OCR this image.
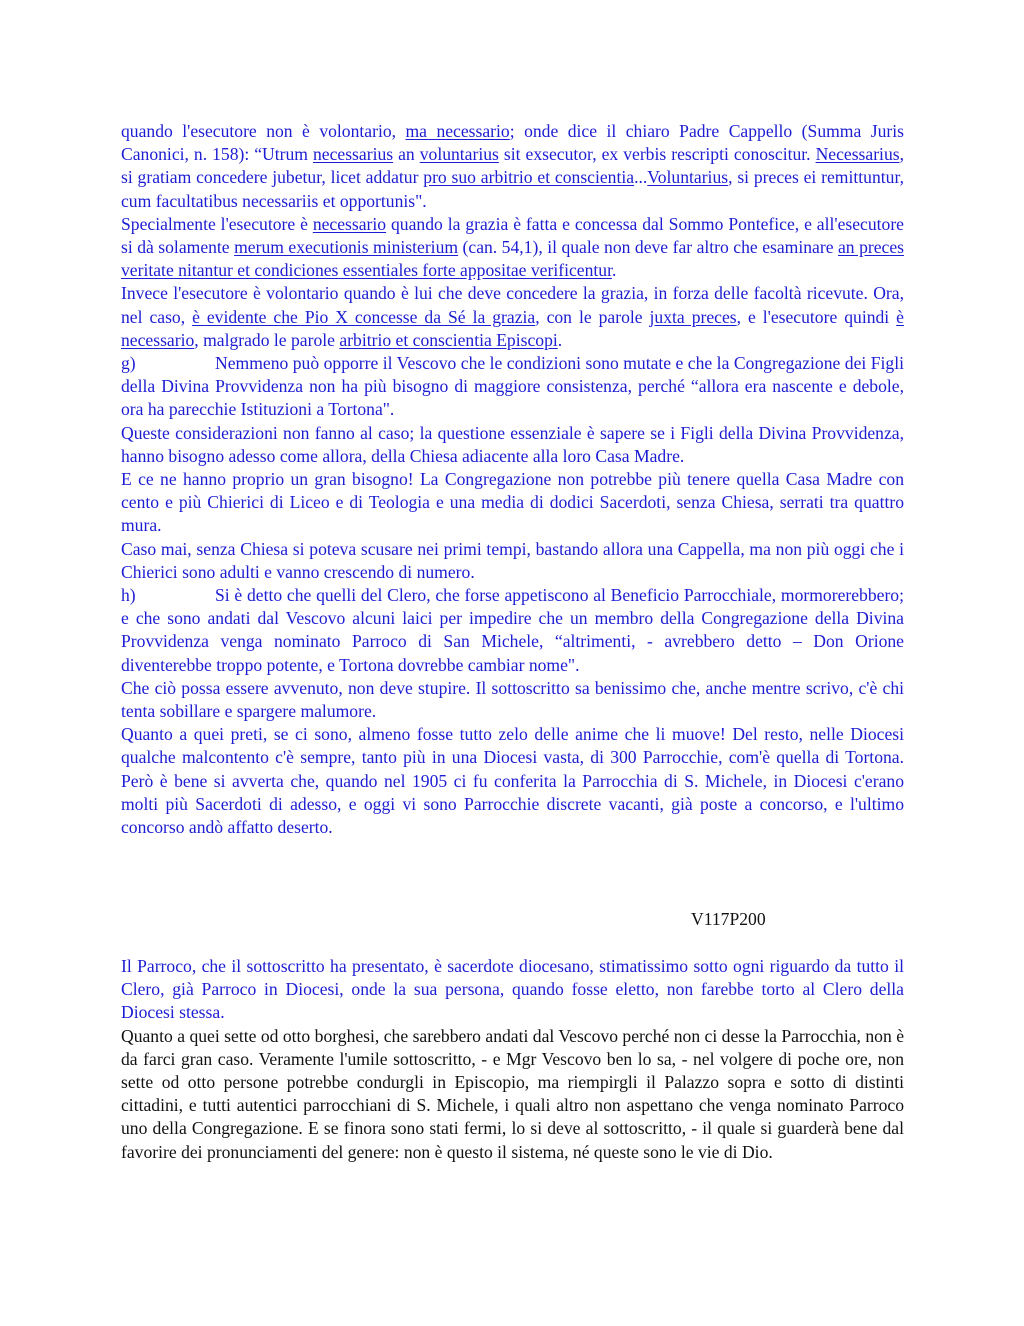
quando l'esecutore non è volontario, ma necessario; onde dice il chiaro Padre Cappello (Summa Juris Canonici, n. 158): “Utrum necessarius an voluntarius sit exsecutor, ex verbis rescripti conoscitur. Necessarius, si gratiam concedere jubetur, licet addatur pro suo arbitrio et conscientia...Voluntarius, si preces ei remittuntur, cum facultatibus necessariis et opportunis".

Specialmente l'esecutore è necessario quando la grazia è fatta e concessa dal Sommo Pontefice, e all'esecutore si dà solamente merum executionis ministerium (can. 54,1), il quale non deve far altro che esaminare an preces veritate nitantur et condiciones essentiales forte appositae verificentur.

Invece l'esecutore è volontario quando è lui che deve concedere la grazia, in forza delle facoltà ricevute. Ora, nel caso, è evidente che Pio X concesse da Sé la grazia, con le parole juxta preces, e l'esecutore quindi è necessario, malgrado le parole arbitrio et conscientia Episcopi.

g)	Nemmeno può opporre il Vescovo che le condizioni sono mutate e che la Congregazione dei Figli della Divina Provvidenza non ha più bisogno di maggiore consistenza, perché “allora era nascente e debole, ora ha parecchie Istituzioni a Tortona".

Queste considerazioni non fanno al caso; la questione essenziale è sapere se i Figli della Divina Provvidenza, hanno bisogno adesso come allora, della Chiesa adiacente alla loro Casa Madre.

E ce ne hanno proprio un gran bisogno! La Congregazione non potrebbe più tenere quella Casa Madre con cento e più Chierici di Liceo e di Teologia e una media di dodici Sacerdoti, senza Chiesa, serrati tra quattro mura.

Caso mai, senza Chiesa si poteva scusare nei primi tempi, bastando allora una Cappella, ma non più oggi che i Chierici sono adulti e vanno crescendo di numero.

h)	Si è detto che quelli del Clero, che forse appetiscono al Beneficio Parrocchiale, mormorerebbero; e che sono andati dal Vescovo alcuni laici per impedire che un membro della Congregazione della Divina Provvidenza venga nominato Parroco di San Michele, “altrimenti, - avrebbero detto – Don Orione diventerebbe troppo potente, e Tortona dovrebbe cambiar nome".

Che ciò possa essere avvenuto, non deve stupire. Il sottoscritto sa benissimo che, anche mentre scrivo, c'è chi tenta sobillare e spargere malumore.

Quanto a quei preti, se ci sono, almeno fosse tutto zelo delle anime che li muove! Del resto, nelle Diocesi qualche malcontento c'è sempre, tanto più in una Diocesi vasta, di 300 Parrocchie, com'è quella di Tortona. Però è bene si avverta che, quando nel 1905 ci fu conferita la Parrocchia di S. Michele, in Diocesi c'erano molti più Sacerdoti di adesso, e oggi vi sono Parrocchie discrete vacanti, già poste a concorso, e l'ultimo concorso andò affatto deserto.

V117P200

Il Parroco, che il sottoscritto ha presentato, è sacerdote diocesano, stimatissimo sotto ogni riguardo da tutto il Clero, già Parroco in Diocesi, onde la sua persona, quando fosse eletto, non farebbe torto al Clero della Diocesi stessa.

Quanto a quei sette od otto borghesi, che sarebbero andati dal Vescovo perché non ci desse la Parrocchia, non è da farci gran caso. Veramente l'umile sottoscritto, - e Mgr Vescovo ben lo sa, - nel volgere di poche ore, non sette od otto persone potrebbe condurgli in Episcopio, ma riempirgli il Palazzo sopra e sotto di distinti cittadini, e tutti autentici parrocchiani di S. Michele, i quali altro non aspettano che venga nominato Parroco uno della Congregazione. E se finora sono stati fermi, lo si deve al sottoscritto, - il quale si guarderà bene dal favorire dei pronunciamenti del genere: non è questo il sistema, né queste sono le vie di Dio.
